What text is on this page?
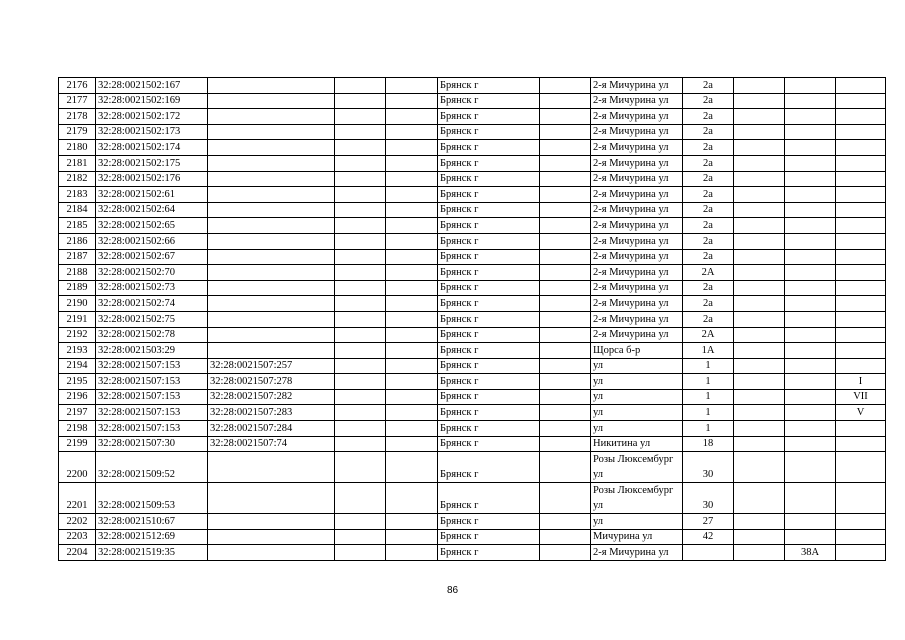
2176	32:28:0021502:167				Брянск г		2-я Мичурина ул	2а			
2177	32:28:0021502:169				Брянск г		2-я Мичурина ул	2а			
2178	32:28:0021502:172				Брянск г		2-я Мичурина ул	2а			
2179	32:28:0021502:173				Брянск г		2-я Мичурина ул	2а			
2180	32:28:0021502:174				Брянск г		2-я Мичурина ул	2а			
2181	32:28:0021502:175				Брянск г		2-я Мичурина ул	2а			
2182	32:28:0021502:176				Брянск г		2-я Мичурина ул	2а			
2183	32:28:0021502:61				Брянск г		2-я Мичурина ул	2а			
2184	32:28:0021502:64				Брянск г		2-я Мичурина ул	2а			
2185	32:28:0021502:65				Брянск г		2-я Мичурина ул	2а			
2186	32:28:0021502:66				Брянск г		2-я Мичурина ул	2а			
2187	32:28:0021502:67				Брянск г		2-я Мичурина ул	2а			
2188	32:28:0021502:70				Брянск г		2-я Мичурина ул	2А			
2189	32:28:0021502:73				Брянск г		2-я Мичурина ул	2а			
2190	32:28:0021502:74				Брянск г		2-я Мичурина ул	2а			
2191	32:28:0021502:75				Брянск г		2-я Мичурина ул	2а			
2192	32:28:0021502:78				Брянск г		2-я Мичурина ул	2А			
2193	32:28:0021503:29				Брянск г		Щорса б-р	1А			
2194	32:28:0021507:153	32:28:0021507:257			Брянск г		ул	1			
2195	32:28:0021507:153	32:28:0021507:278			Брянск г		ул	1			I
2196	32:28:0021507:153	32:28:0021507:282			Брянск г		ул	1			VII
2197	32:28:0021507:153	32:28:0021507:283			Брянск г		ул	1			V
2198	32:28:0021507:153	32:28:0021507:284			Брянск г		ул	1			
2199	32:28:0021507:30	32:28:0021507:74			Брянск г		Никитина ул	18			
2200	32:28:0021509:52				Брянск г		Розы Люксембург ул	30			
2201	32:28:0021509:53				Брянск г		Розы Люксембург ул	30			
2202	32:28:0021510:67				Брянск г		ул	27			
2203	32:28:0021512:69				Брянск г		Мичурина ул	42			
2204	32:28:0021519:35				Брянск г		2-я Мичурина ул			38А	
86
